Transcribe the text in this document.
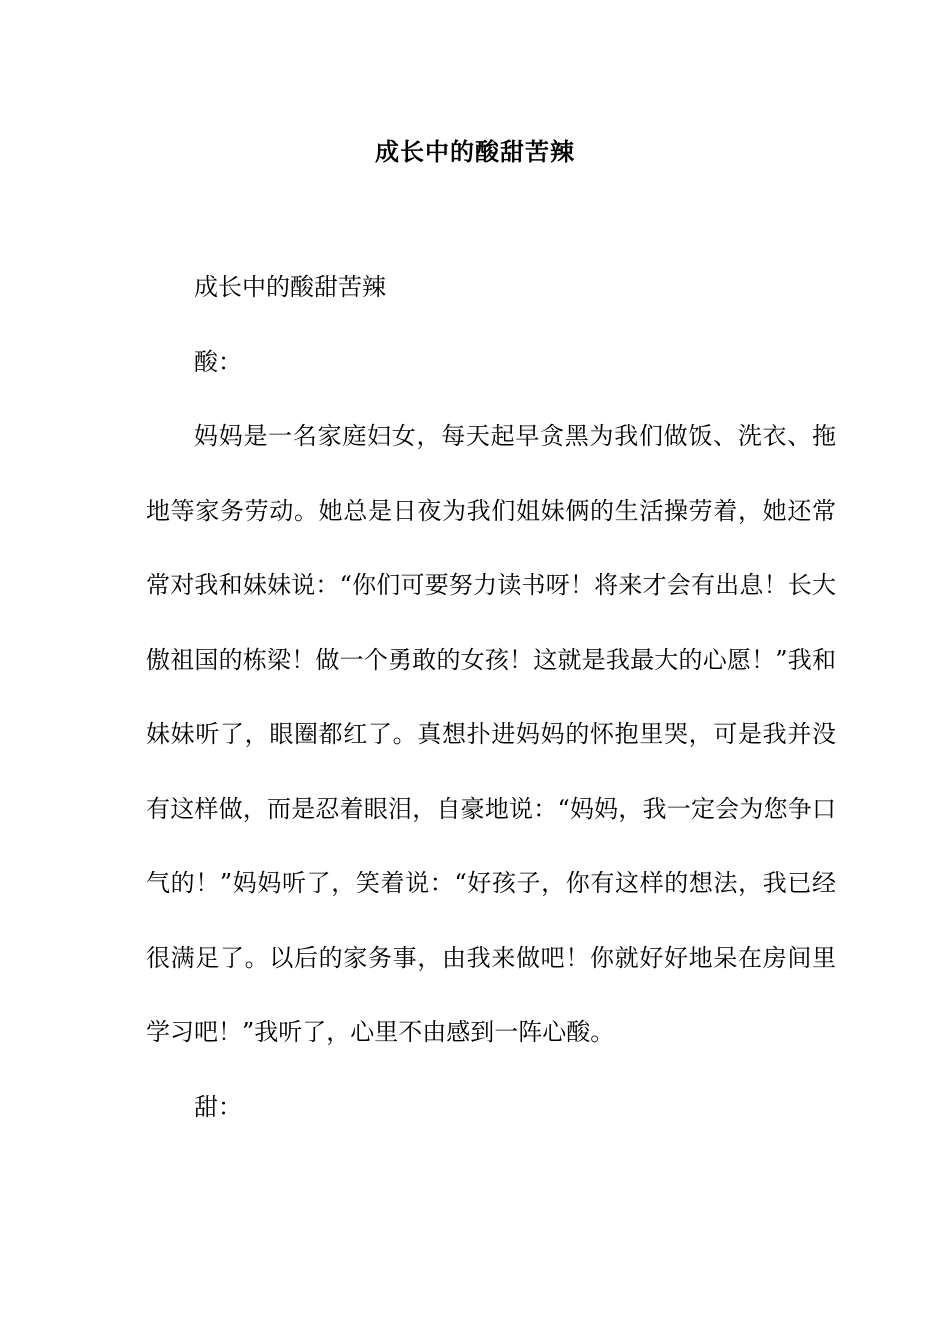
成长中的酸甜苦辣

成长中的酸甜苦辣

酸：

妈妈是一名家庭妇女，每天起早贪黑为我们做饭、洗衣、拖地等家务劳动。她总是日夜为我们姐妹俩的生活操劳着，她还常常对我和妹妹说：“你们可要努力读书呀！将来才会有出息！长大傲祖国的栋梁！做一个勇敢的女孩！这就是我最大的心愿！”我和妹妹听了，眼圈都红了。真想扑进妈妈的怀抱里哭，可是我并没有这样做，而是忍着眼泪，自豪地说：“妈妈，我一定会为您争口气的！”妈妈听了，笑着说：“好孩子，你有这样的想法，我已经很满足了。以后的家务事，由我来做吧！你就好好地呆在房间里学习吧！”我听了，心里不由感到一阵心酸。

甜：
